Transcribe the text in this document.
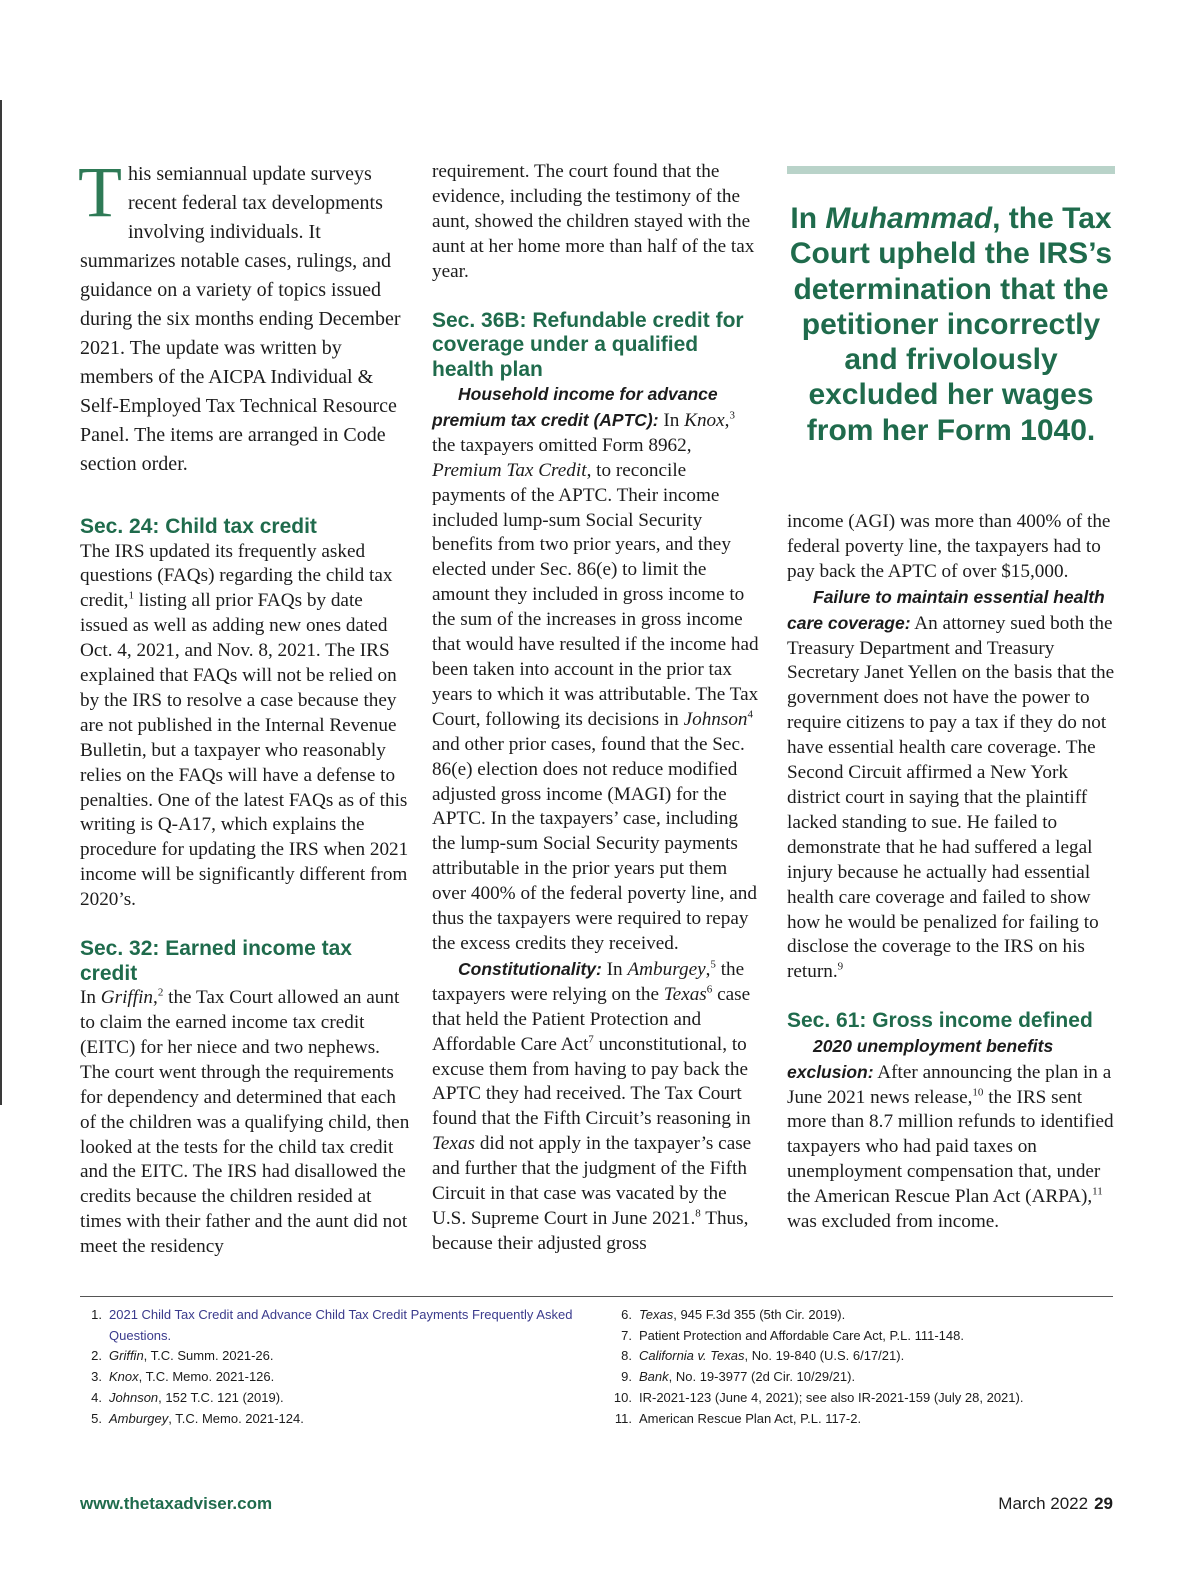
This semiannual update surveys recent federal tax developments involving individuals. It summarizes notable cases, rulings, and guidance on a variety of topics issued during the six months ending December 2021. The update was written by members of the AICPA Individual & Self-Employed Tax Technical Resource Panel. The items are arranged in Code section order.

Sec. 24: Child tax credit

The IRS updated its frequently asked questions (FAQs) regarding the child tax credit,$^1$ listing all prior FAQs by date issued as well as adding new ones dated Oct. 4, 2021, and Nov. 8, 2021. The IRS explained that FAQs will not be relied on by the IRS to resolve a case because they are not published in the Internal Revenue Bulletin, but a taxpayer who reasonably relies on the FAQs will have a defense to penalties. One of the latest FAQs as of this writing is Q-A17, which explains the procedure for updating the IRS when 2021 income will be significantly different from 2020’s.

Sec. 32: Earned income tax credit

In Griffin,$^2$ the Tax Court allowed an aunt to claim the earned income tax credit (EITC) for her niece and two nephews. The court went through the requirements for dependency and determined that each of the children was a qualifying child, then looked at the tests for the child tax credit and the EITC. The IRS had disallowed the credits because the children resided at times with their father and the aunt did not meet the residency

requirement. The court found that the evidence, including the testimony of the aunt, showed the children stayed with the aunt at her home more than half of the tax year.

Sec. 36B: Refundable credit for coverage under a qualified health plan

Household income for advance premium tax credit (APTC): In Knox,$^3$ the taxpayers omitted Form 8962, Premium Tax Credit, to reconcile payments of the APTC. Their income included lump-sum Social Security benefits from two prior years, and they elected under Sec. 86(e) to limit the amount they included in gross income to the sum of the increases in gross income that would have resulted if the income had been taken into account in the prior tax years to which it was attributable. The Tax Court, following its decisions in Johnson$^4$ and other prior cases, found that the Sec. 86(e) election does not reduce modified adjusted gross income (MAGI) for the APTC. In the taxpayers’ case, including the lump-sum Social Security payments attributable in the prior years put them over 400% of the federal poverty line, and thus the taxpayers were required to repay the excess credits they received.

Constitutionality: In Amburgey,$^5$ the taxpayers were relying on the Texas$^6$ case that held the Patient Protection and Affordable Care Act$^7$ unconstitutional, to excuse them from having to pay back the APTC they had received. The Tax Court found that the Fifth Circuit’s reasoning in Texas did not apply in the taxpayer’s case and further that the judgment of the Fifth Circuit in that case was vacated by the U.S. Supreme Court in June 2021.$^8$ Thus, because their adjusted gross

In Muhammad, the Tax Court upheld the IRS’s determination that the petitioner incorrectly and frivolously excluded her wages from her Form 1040.

income (AGI) was more than 400% of the federal poverty line, the taxpayers had to pay back the APTC of over $15,000.

Failure to maintain essential health care coverage: An attorney sued both the Treasury Department and Treasury Secretary Janet Yellen on the basis that the government does not have the power to require citizens to pay a tax if they do not have essential health care coverage. The Second Circuit affirmed a New York district court in saying that the plaintiff lacked standing to sue. He failed to demonstrate that he had suffered a legal injury because he actually had essential health care coverage and failed to show how he would be penalized for failing to disclose the coverage to the IRS on his return.$^9$

Sec. 61: Gross income defined

2020 unemployment benefits exclusion: After announcing the plan in a June 2021 news release,$^{10}$ the IRS sent more than 8.7 million refunds to identified taxpayers who had paid taxes on unemployment compensation that, under the American Rescue Plan Act (ARPA),$^{11}$ was excluded from income.

1. 2021 Child Tax Credit and Advance Child Tax Credit Payments Frequently Asked Questions.
2. Griffin, T.C. Summ. 2021-26.
3. Knox, T.C. Memo. 2021-126.
4. Johnson, 152 T.C. 121 (2019).
5. Amburgey, T.C. Memo. 2021-124.
6. Texas, 945 F.3d 355 (5th Cir. 2019).
7. Patient Protection and Affordable Care Act, P.L. 111-148.
8. California v. Texas, No. 19-840 (U.S. 6/17/21).
9. Bank, No. 19-3977 (2d Cir. 10/29/21).
10. IR-2021-123 (June 4, 2021); see also IR-2021-159 (July 28, 2021).
11. American Rescue Plan Act, P.L. 117-2.
www.thetaxadviser.com	March 2022 29
